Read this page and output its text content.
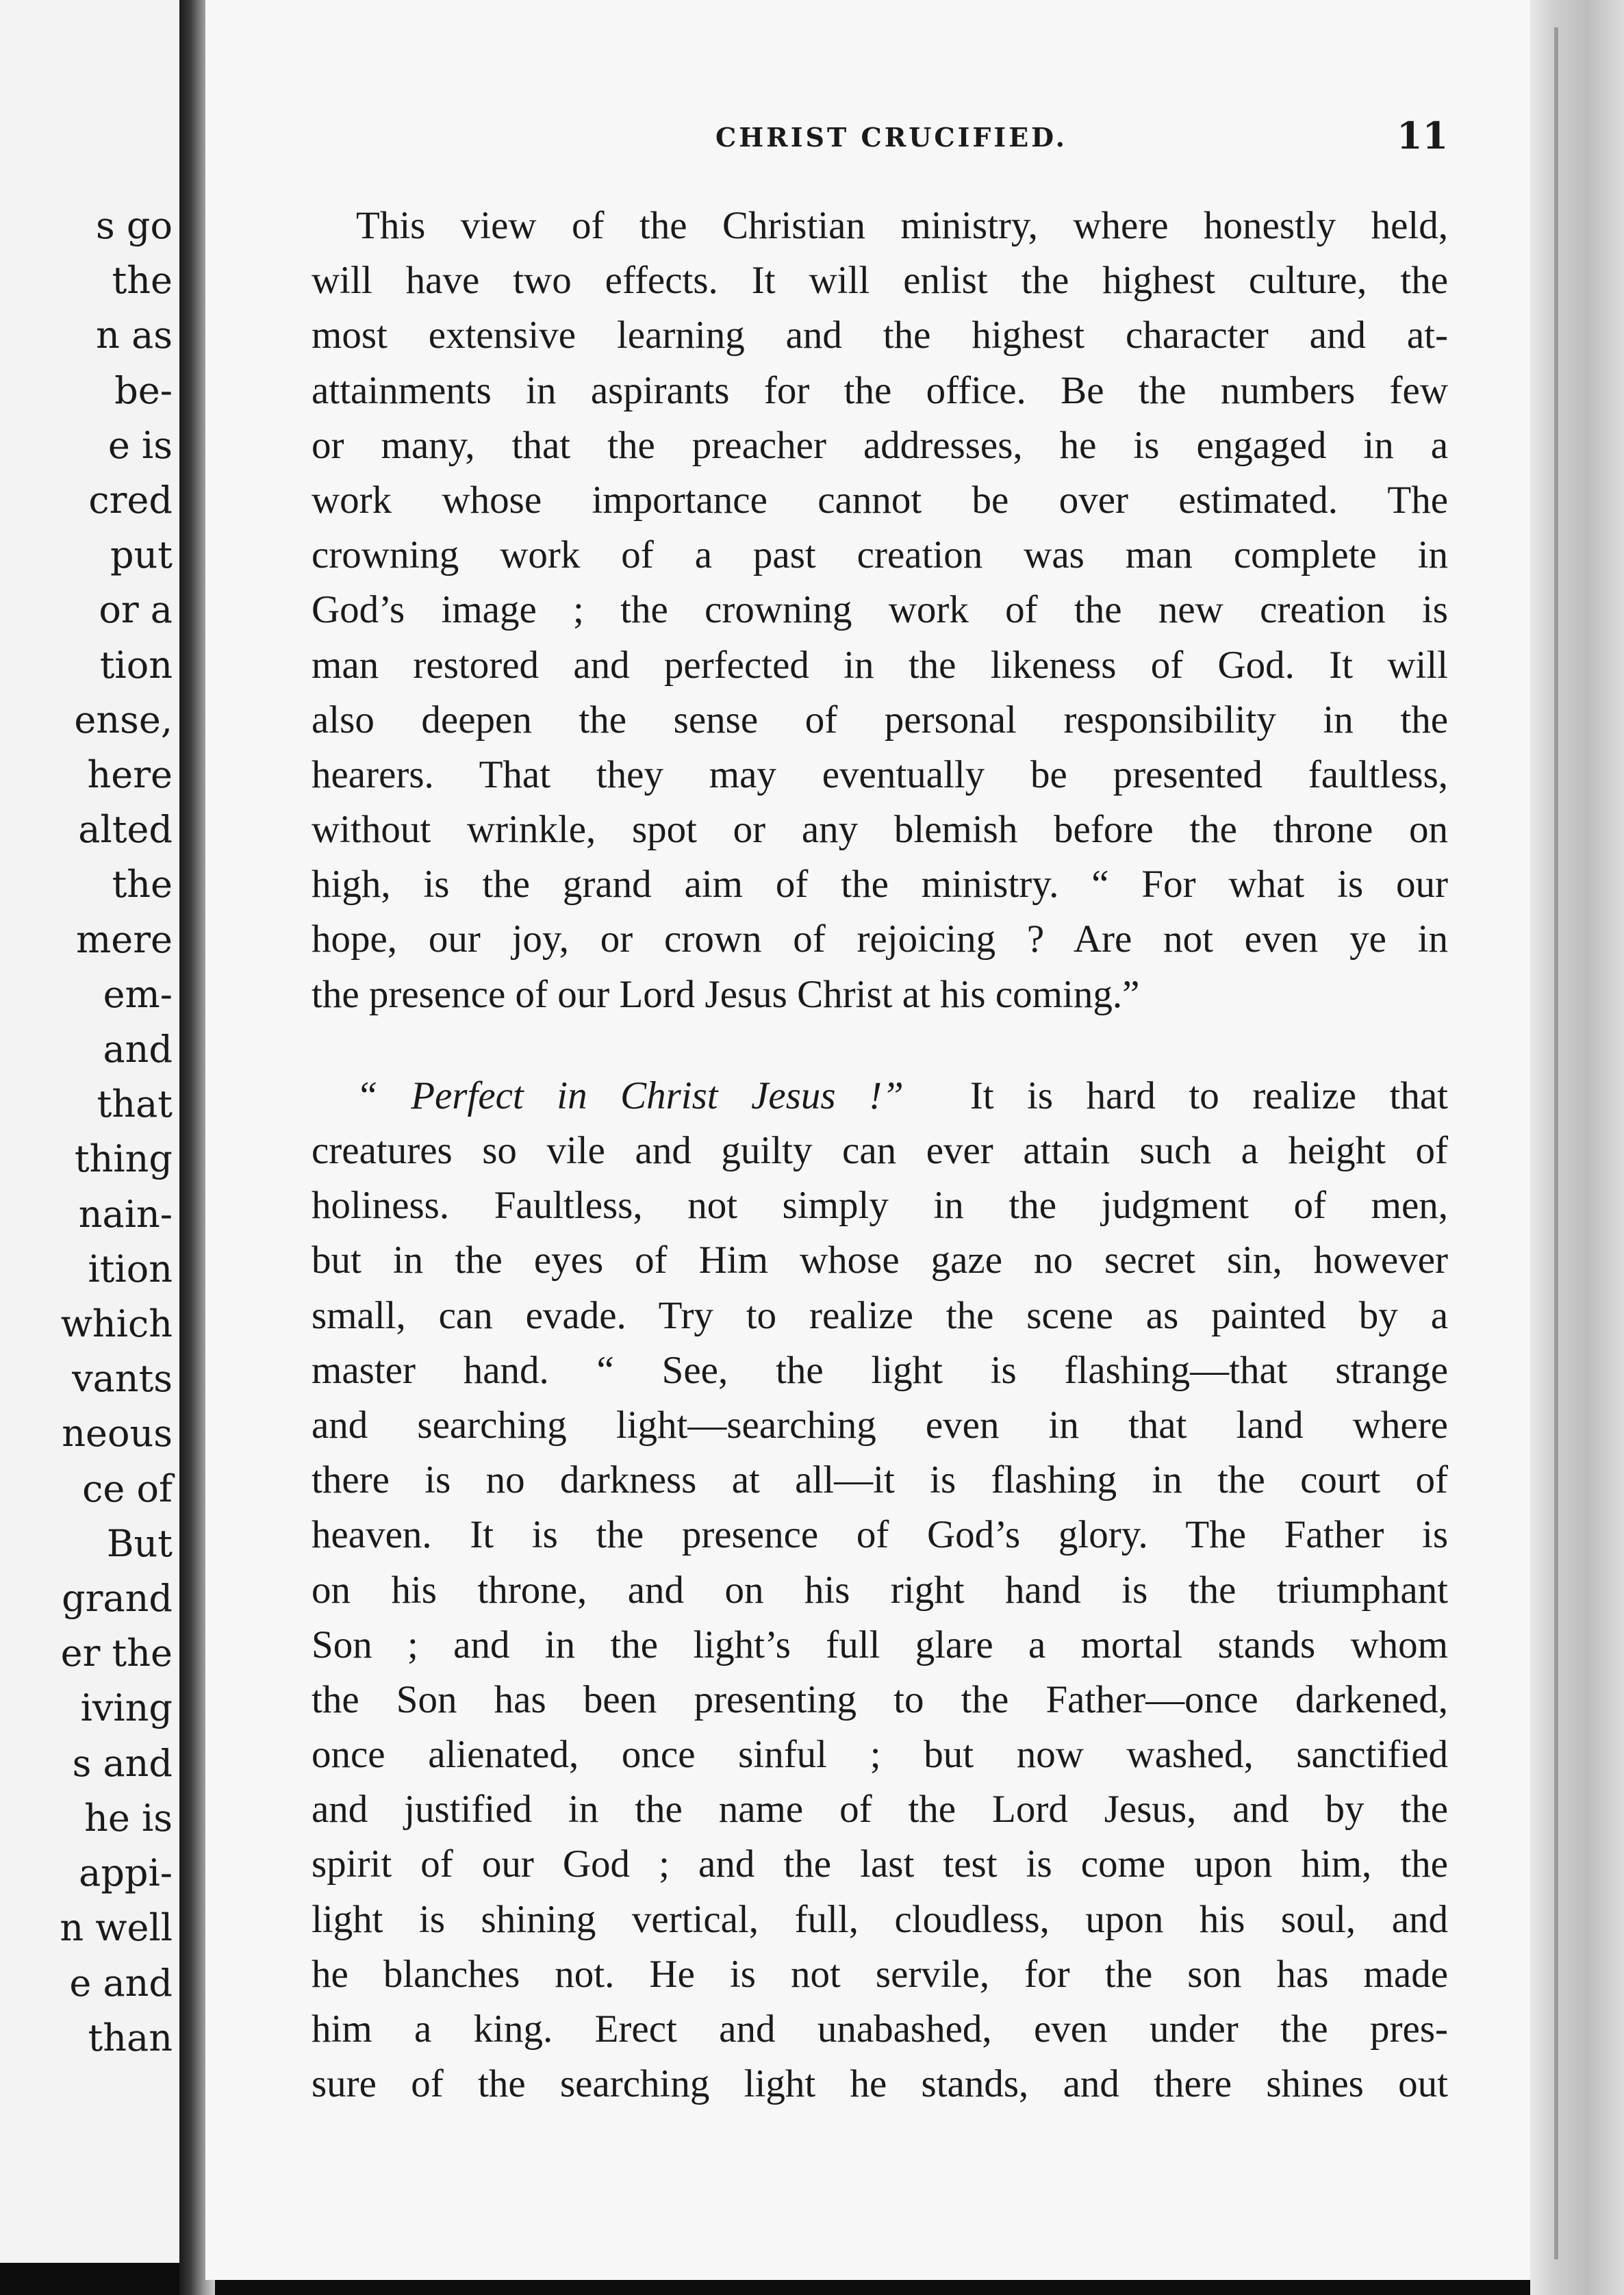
s go
the
n as
be-
e is
cred
put
or a
tion
ense,
here
alted
the
mere
em-
and
that
thing
nain-
ition
which
vants
neous
ce of
But
grand
er the
iving
s and
he is
appi-
n well
e and
than
CHRIST CRUCIFIED.	11
This view of the Christian ministry, where honestly held,
will have two effects. It will enlist the highest culture, the
most extensive learning and the highest character and at-
attainments in aspirants for the office. Be the numbers few
or many, that the preacher addresses, he is engaged in a
work whose importance cannot be over estimated. The
crowning work of a past creation was man complete in
God’s image ; the crowning work of the new creation is
man restored and perfected in the likeness of God. It will
also deepen the sense of personal responsibility in the
hearers. That they may eventually be presented faultless,
without wrinkle, spot or any blemish before the throne on
high, is the grand aim of the ministry. “ For what is our
hope, our joy, or crown of rejoicing ? Are not even ye in
the presence of our Lord Jesus Christ at his coming.”
“ Perfect in Christ Jesus !” It is hard to realize that
creatures so vile and guilty can ever attain such a height of
holiness. Faultless, not simply in the judgment of men,
but in the eyes of Him whose gaze no secret sin, however
small, can evade. Try to realize the scene as painted by a
master hand. “ See, the light is flashing—that strange
and searching light—searching even in that land where
there is no darkness at all—it is flashing in the court of
heaven. It is the presence of God’s glory. The Father is
on his throne, and on his right hand is the triumphant
Son ; and in the light’s full glare a mortal stands whom
the Son has been presenting to the Father—once darkened,
once alienated, once sinful ; but now washed, sanctified
and justified in the name of the Lord Jesus, and by the
spirit of our God ; and the last test is come upon him, the
light is shining vertical, full, cloudless, upon his soul, and
he blanches not. He is not servile, for the son has made
him a king. Erect and unabashed, even under the pres-
sure of the searching light he stands, and there shines out
